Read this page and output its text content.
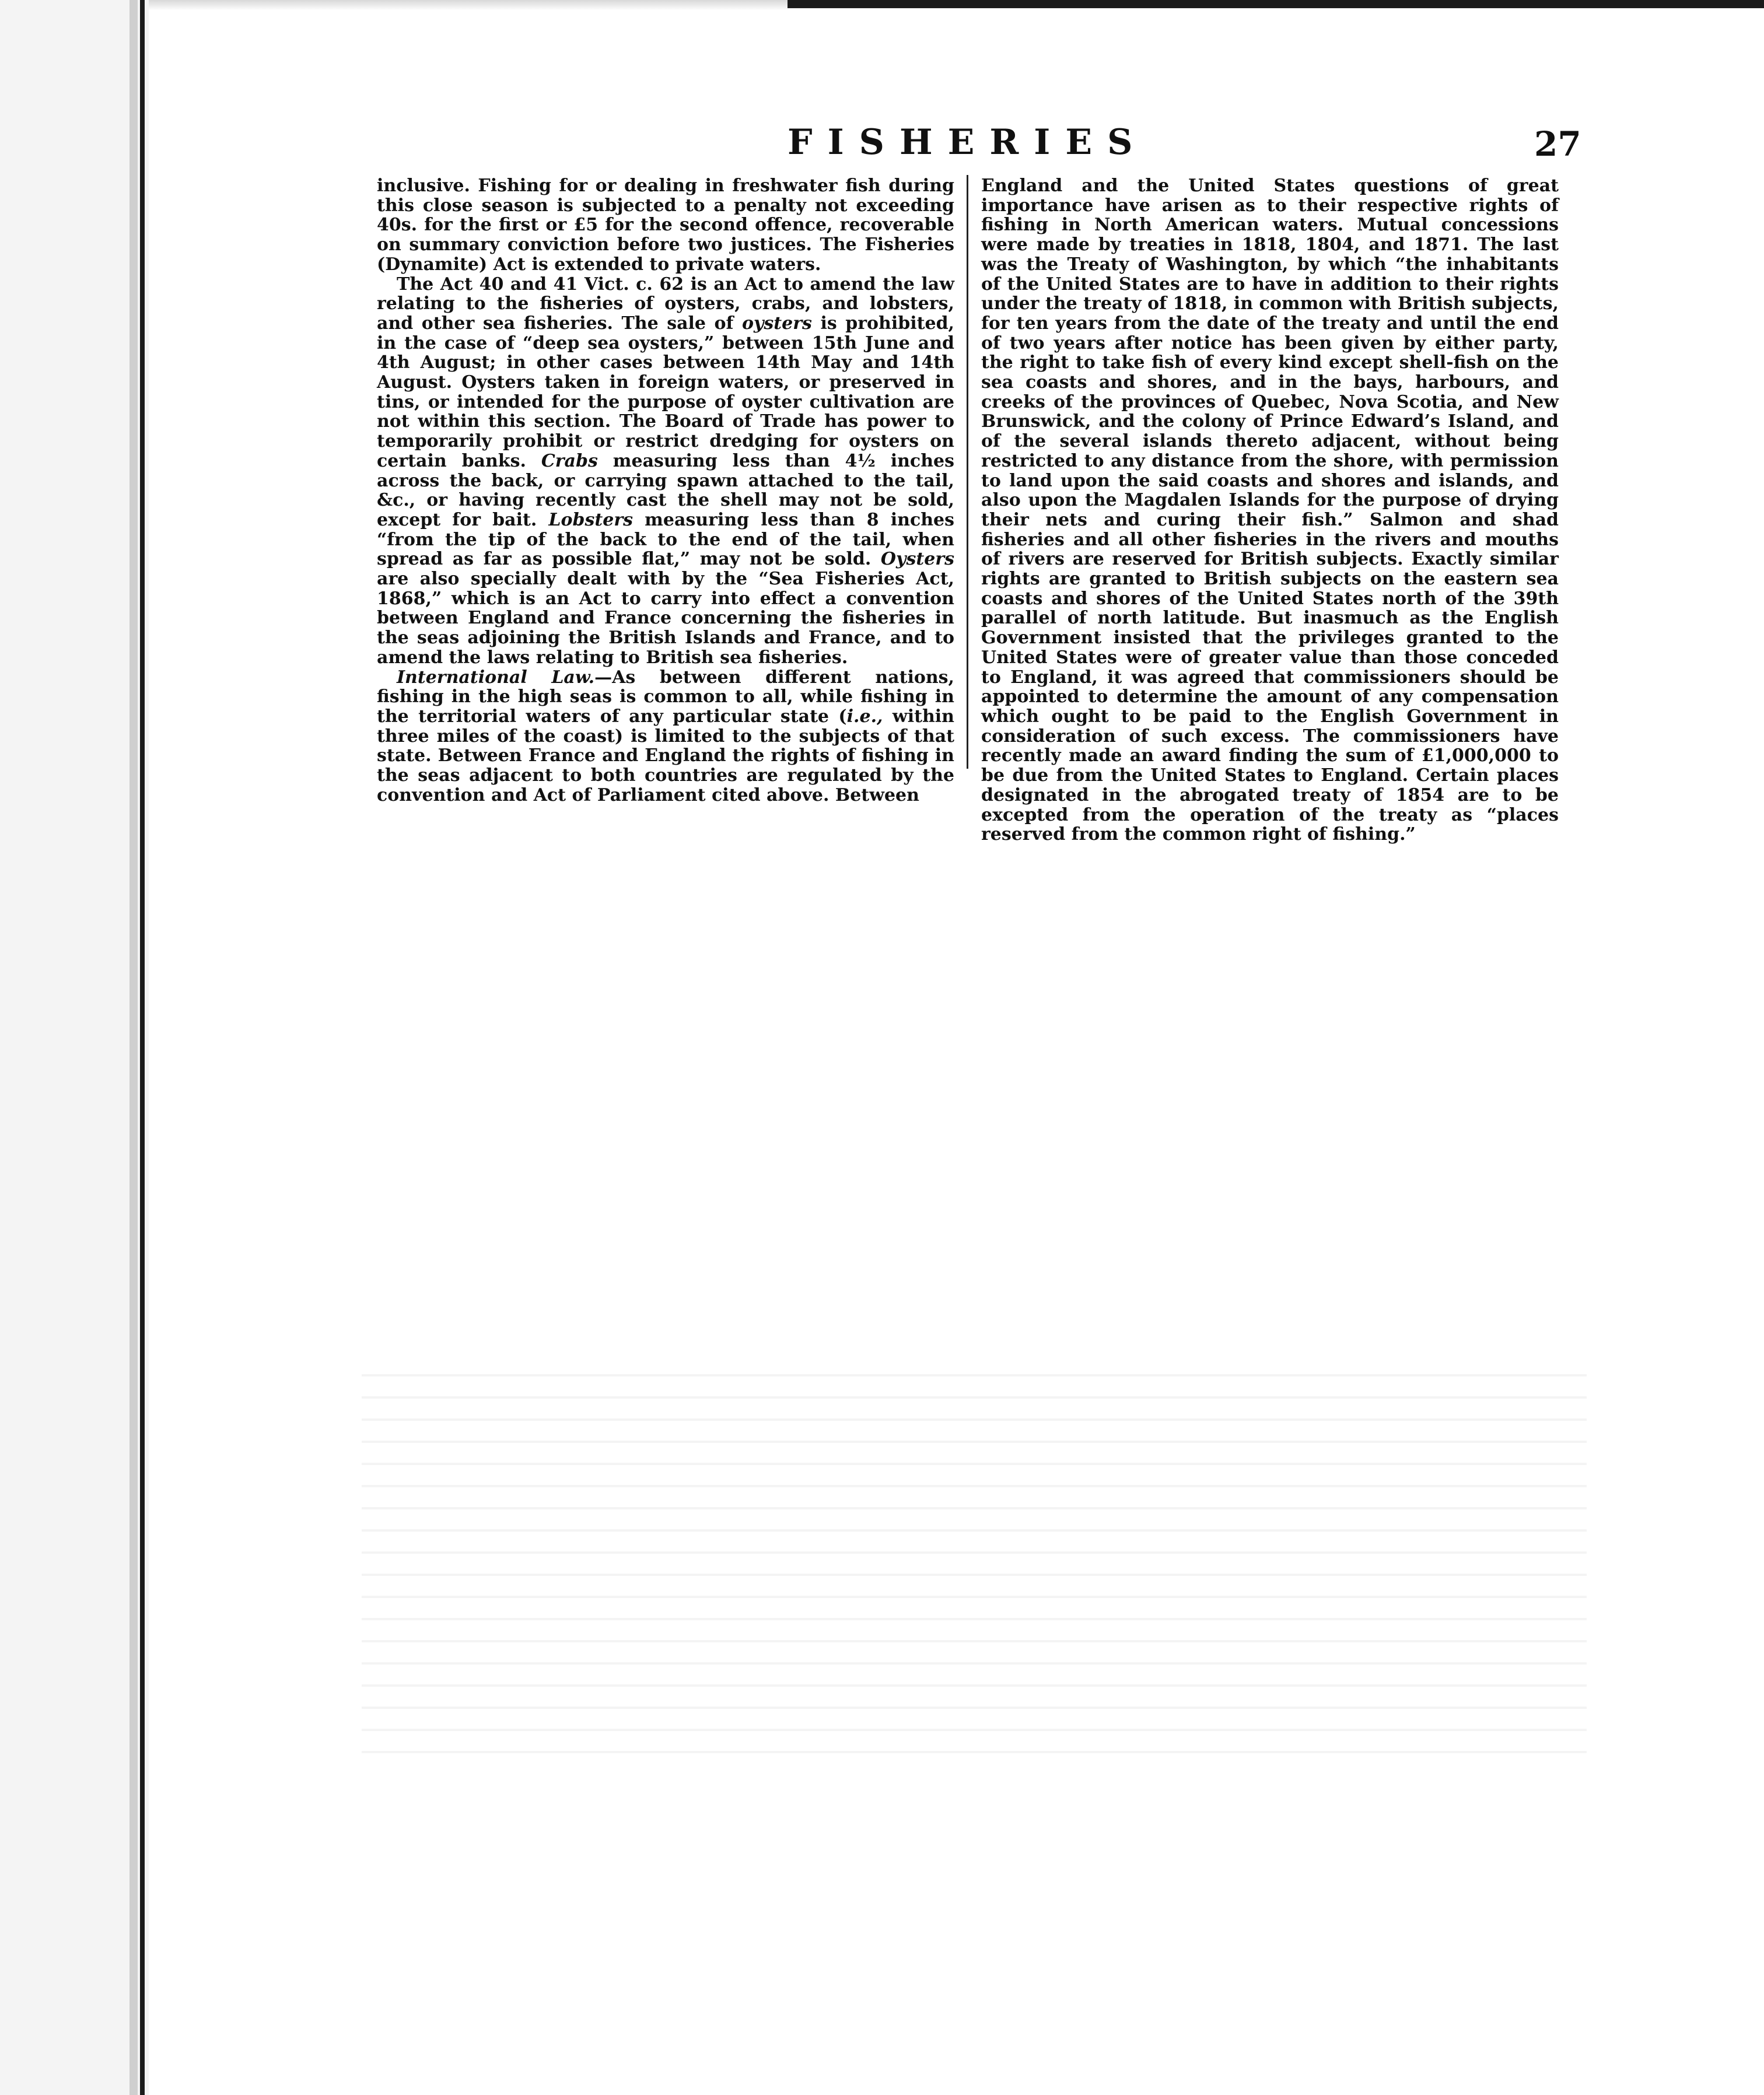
FISHERIES	27

inclusive. Fishing for or dealing in freshwater fish during this close season is subjected to a penalty not exceeding 40s. for the first or £5 for the second offence, recoverable on summary conviction before two justices. The Fisheries (Dynamite) Act is extended to private waters.

The Act 40 and 41 Vict. c. 62 is an Act to amend the law relating to the fisheries of oysters, crabs, and lobsters, and other sea fisheries. The sale of oysters is prohibited, in the case of “deep sea oysters,” between 15th June and 4th August; in other cases between 14th May and 14th August. Oysters taken in foreign waters, or preserved in tins, or intended for the purpose of oyster cultivation are not within this section. The Board of Trade has power to temporarily prohibit or restrict dredging for oysters on certain banks. Crabs measuring less than 4½ inches across the back, or carrying spawn attached to the tail, &c., or having recently cast the shell may not be sold, except for bait. Lobsters measuring less than 8 inches “from the tip of the back to the end of the tail, when spread as far as possible flat,” may not be sold. Oysters are also specially dealt with by the “Sea Fisheries Act, 1868,” which is an Act to carry into effect a convention between England and France concerning the fisheries in the seas adjoining the British Islands and France, and to amend the laws relating to British sea fisheries.

International Law.—As between different nations, fishing in the high seas is common to all, while fishing in the territorial waters of any particular state (i.e., within three miles of the coast) is limited to the subjects of that state. Between France and England the rights of fishing in the seas adjacent to both countries are regulated by the convention and Act of Parliament cited above. Between

England and the United States questions of great importance have arisen as to their respective rights of fishing in North American waters. Mutual concessions were made by treaties in 1818, 1804, and 1871. The last was the Treaty of Washington, by which “the inhabitants of the United States are to have in addition to their rights under the treaty of 1818, in common with British subjects, for ten years from the date of the treaty and until the end of two years after notice has been given by either party, the right to take fish of every kind except shell-fish on the sea coasts and shores, and in the bays, harbours, and creeks of the provinces of Quebec, Nova Scotia, and New Brunswick, and the colony of Prince Edward’s Island, and of the several islands thereto adjacent, without being restricted to any distance from the shore, with permission to land upon the said coasts and shores and islands, and also upon the Magdalen Islands for the purpose of drying their nets and curing their fish.” Salmon and shad fisheries and all other fisheries in the rivers and mouths of rivers are reserved for British subjects. Exactly similar rights are granted to British subjects on the eastern sea coasts and shores of the United States north of the 39th parallel of north latitude. But inasmuch as the English Government insisted that the privileges granted to the United States were of greater value than those conceded to England, it was agreed that commissioners should be appointed to determine the amount of any compensation which ought to be paid to the English Government in consideration of such excess. The commissioners have recently made an award finding the sum of £1,000,000 to be due from the United States to England. Certain places designated in the abrogated treaty of 1854 are to be excepted from the operation of the treaty as “places reserved from the common right of fishing.”
